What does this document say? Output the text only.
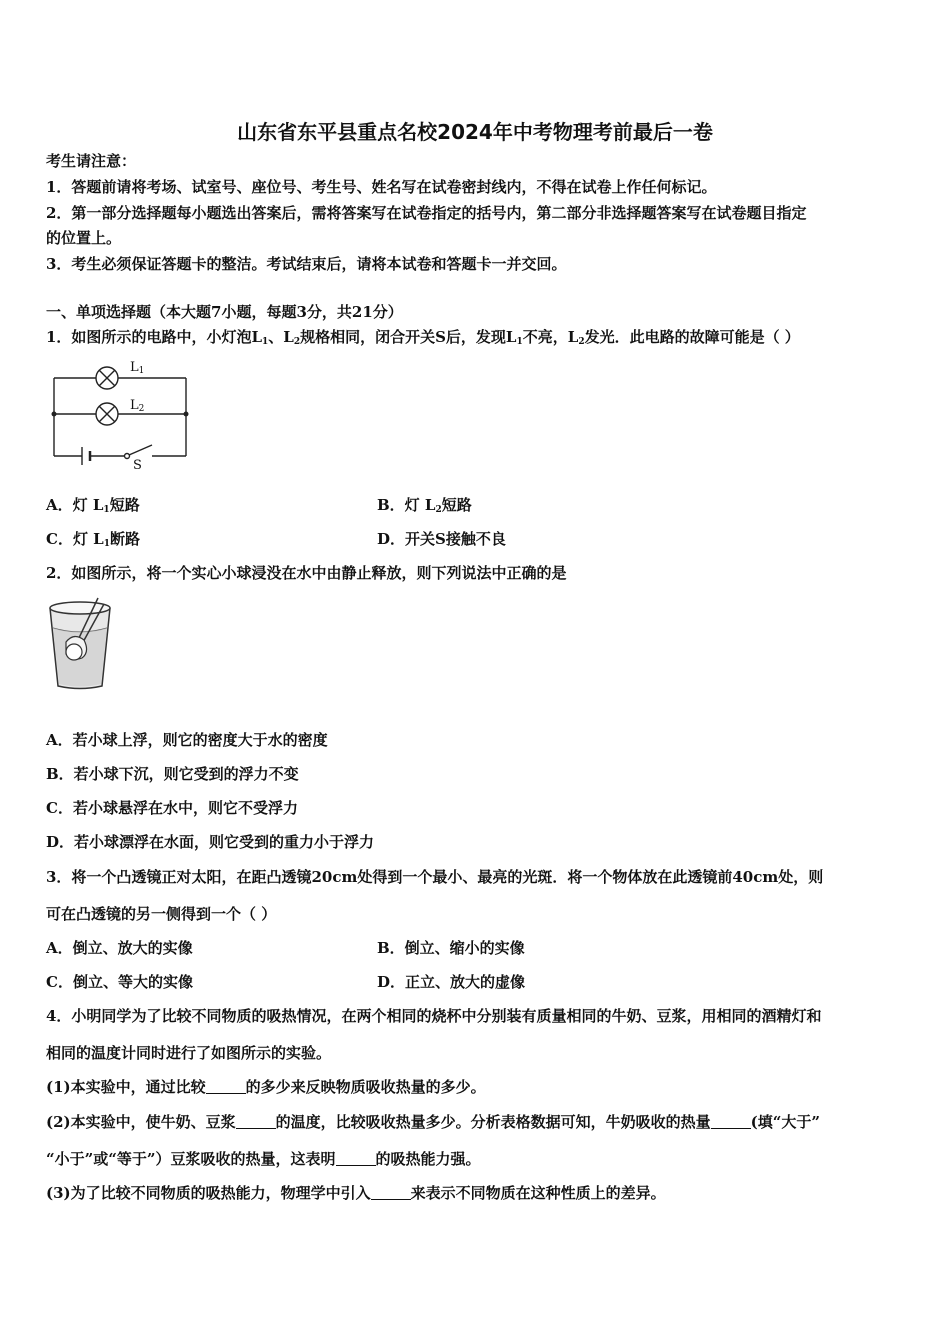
山东省东平县重点名校2024年中考物理考前最后一卷
考生请注意：
1．答题前请将考场、试室号、座位号、考生号、姓名写在试卷密封线内，不得在试卷上作任何标记。
2．第一部分选择题每小题选出答案后，需将答案写在试卷指定的括号内，第二部分非选择题答案写在试卷题目指定
的位置上。
3．考生必须保证答题卡的整洁。考试结束后，请将本试卷和答题卡一并交回。
一、单项选择题（本大题7小题，每题3分，共21分）
1．如图所示的电路中，小灯泡$L_1$、$L_2$规格相同，闭合开关S后，发现$L_1$不亮，$L_2$发光．此电路的故障可能是（ ）
$L_1$
$L_2$
S
A．灯 $L_1$短路	B．灯 $L_2$短路
C．灯 $L_1$断路	D．开关S接触不良
2．如图所示，将一个实心小球浸没在水中由静止释放，则下列说法中正确的是
A．若小球上浮，则它的密度大于水的密度
B．若小球下沉，则它受到的浮力不变
C．若小球悬浮在水中，则它不受浮力
D．若小球漂浮在水面，则它受到的重力小于浮力
3．将一个凸透镜正对太阳，在距凸透镜20cm处得到一个最小、最亮的光斑．将一个物体放在此透镜前40cm处，则
可在凸透镜的另一侧得到一个（ ）
A．倒立、放大的实像	B．倒立、缩小的实像
C．倒立、等大的实像	D．正立、放大的虚像
4．小明同学为了比较不同物质的吸热情况，在两个相同的烧杯中分别装有质量相同的牛奶、豆浆，用相同的酒精灯和
相同的温度计同时进行了如图所示的实验。
(1)本实验中，通过比较	的多少来反映物质吸收热量的多少。
(2)本实验中，使牛奶、豆浆	的温度，比较吸收热量多少。分析表格数据可知，牛奶吸收的热量	(填“大于”
“小于”或“等于”）豆浆吸收的热量，这表明	的吸热能力强。
(3)为了比较不同物质的吸热能力，物理学中引入	来表示不同物质在这种性质上的差异。
